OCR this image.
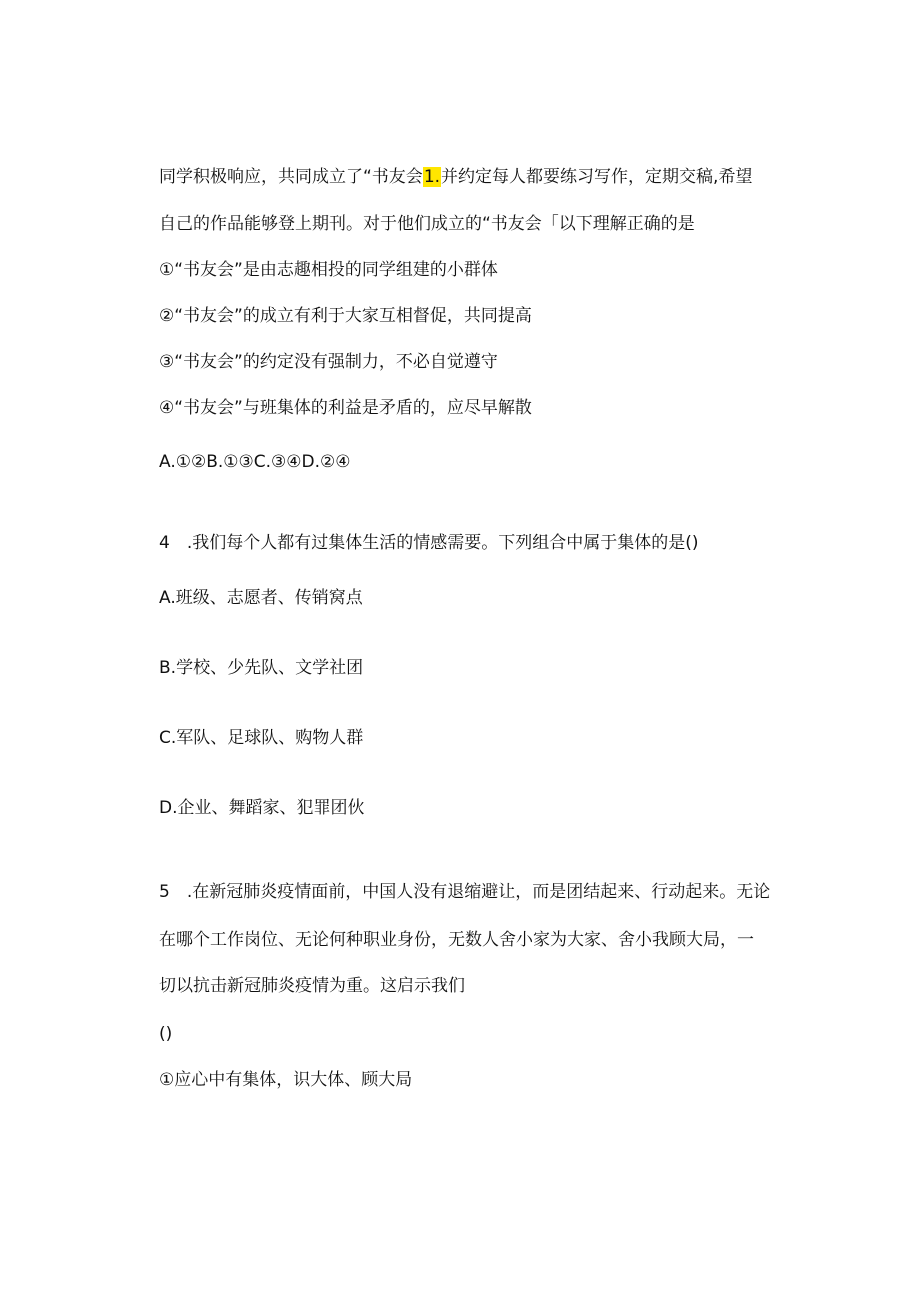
同学积极响应，共同成立了“书友会1.并约定每人都要练习写作，定期交稿,希望
自己的作品能够登上期刊。对于他们成立的“书友会「以下理解正确的是
①“书友会”是由志趣相投的同学组建的小群体
②“书友会”的成立有利于大家互相督促，共同提高
③“书友会”的约定没有强制力，不必自觉遵守
④“书友会”与班集体的利益是矛盾的，应尽早解散
A.①②B.①③C.③④D.②④
4　.我们每个人都有过集体生活的情感需要。下列组合中属于集体的是()
A.班级、志愿者、传销窝点
B.学校、少先队、文学社团
C.军队、足球队、购物人群
D.企业、舞蹈家、犯罪团伙
5　.在新冠肺炎疫情面前，中国人没有退缩避让，而是团结起来、行动起来。无论
在哪个工作岗位、无论何种职业身份，无数人舍小家为大家、舍小我顾大局，一
切以抗击新冠肺炎疫情为重。这启示我们
()
①应心中有集体，识大体、顾大局
